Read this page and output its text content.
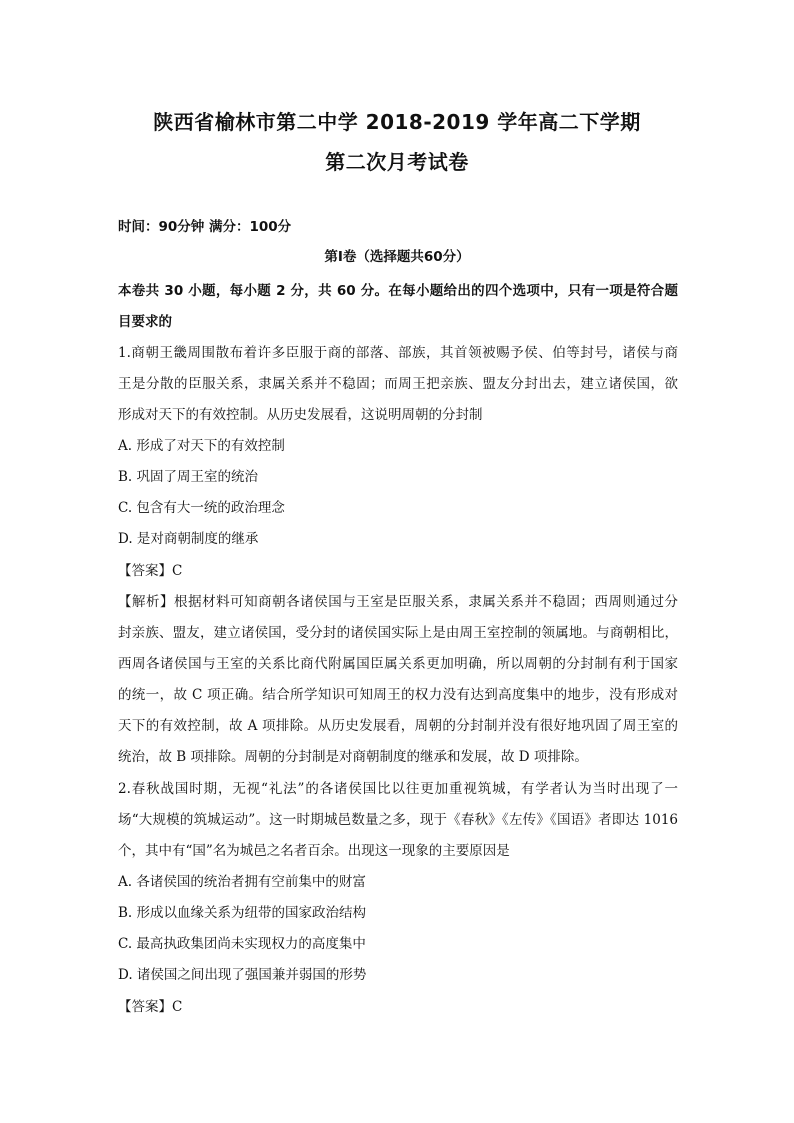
陕西省榆林市第二中学 2018-2019 学年高二下学期
第二次月考试卷
时间：90分钟 满分：100分
第Ⅰ卷（选择题共60分）
本卷共 30 小题，每小题 2 分，共 60 分。在每小题给出的四个选项中，只有一项是符合题
目要求的
1.商朝王畿周围散布着许多臣服于商的部落、部族，其首领被赐予侯、伯等封号，诸侯与商
王是分散的臣服关系，隶属关系并不稳固；而周王把亲族、盟友分封出去，建立诸侯国，欲
形成对天下的有效控制。从历史发展看，这说明周朝的分封制
A. 形成了对天下的有效控制
B. 巩固了周王室的统治
C. 包含有大一统的政治理念
D. 是对商朝制度的继承
【答案】C
【解析】根据材料可知商朝各诸侯国与王室是臣服关系，隶属关系并不稳固；西周则通过分
封亲族、盟友，建立诸侯国，受分封的诸侯国实际上是由周王室控制的领属地。与商朝相比，
西周各诸侯国与王室的关系比商代附属国臣属关系更加明确，所以周朝的分封制有利于国家
的统一，故 C 项正确。结合所学知识可知周王的权力没有达到高度集中的地步，没有形成对
天下的有效控制，故 A 项排除。从历史发展看，周朝的分封制并没有很好地巩固了周王室的
统治，故 B 项排除。周朝的分封制是对商朝制度的继承和发展，故 D 项排除。
2.春秋战国时期，无视“礼法”的各诸侯国比以往更加重视筑城，有学者认为当时出现了一
场“大规模的筑城运动”。这一时期城邑数量之多，现于《春秋》《左传》《国语》者即达 1016
个，其中有“国”名为城邑之名者百余。出现这一现象的主要原因是
A. 各诸侯国的统治者拥有空前集中的财富
B. 形成以血缘关系为纽带的国家政治结构
C. 最高执政集团尚未实现权力的高度集中
D. 诸侯国之间出现了强国兼并弱国的形势
【答案】C
